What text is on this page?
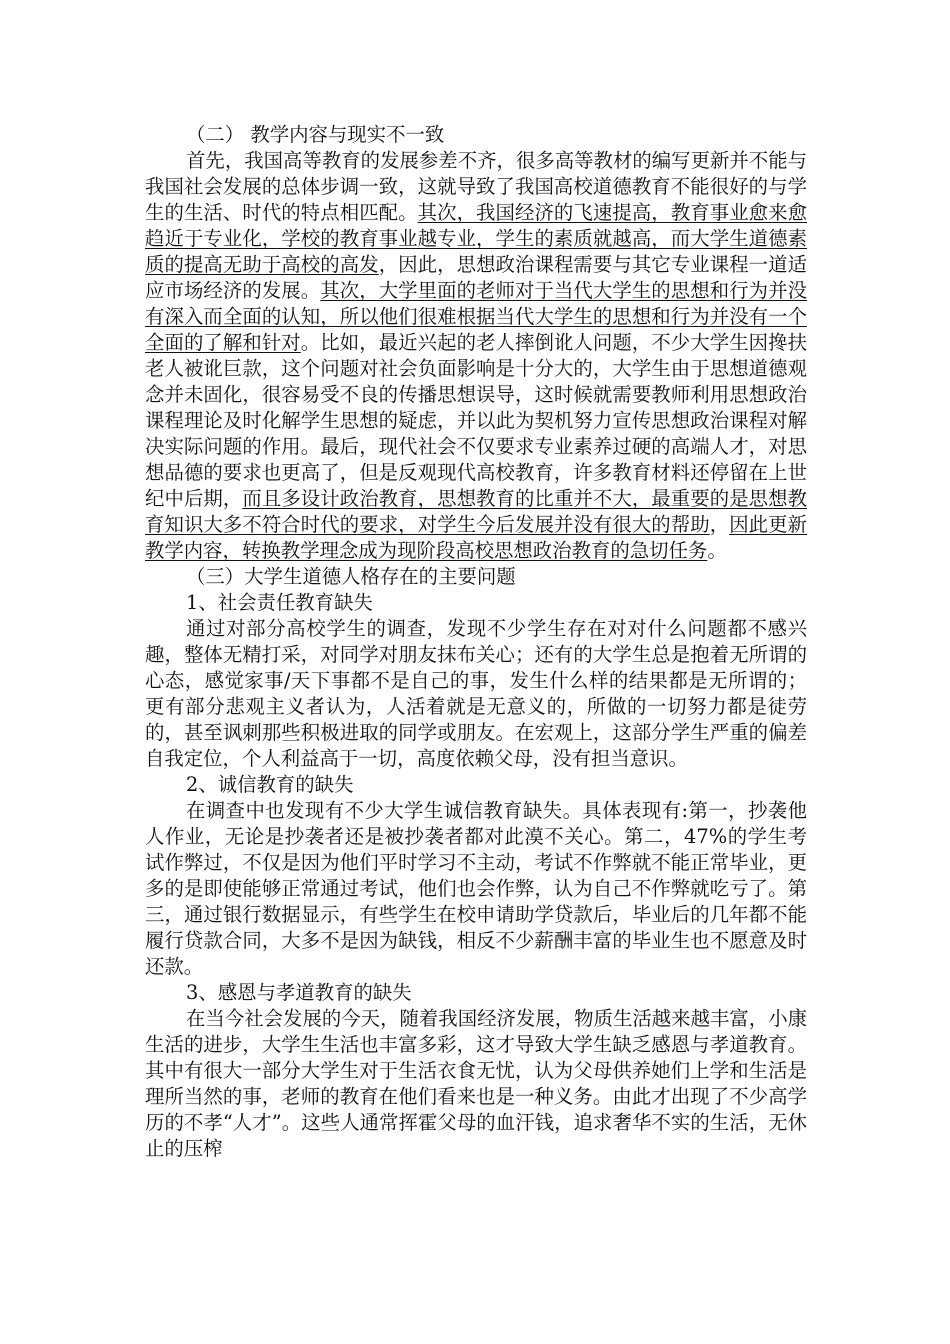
（二） 教学内容与现实不一致

首先，我国高等教育的发展参差不齐，很多高等教材的编写更新并不能与我国社会发展的总体步调一致，这就导致了我国高校道德教育不能很好的与学生的生活、时代的特点相匹配。其次，我国经济的飞速提高，教育事业愈来愈趋近于专业化，学校的教育事业越专业，学生的素质就越高，而大学生道德素质的提高无助于高校的高发，因此，思想政治课程需要与其它专业课程一道适应市场经济的发展。其次，大学里面的老师对于当代大学生的思想和行为并没有深入而全面的认知，所以他们很难根据当代大学生的思想和行为并没有一个全面的了解和针对。比如，最近兴起的老人摔倒讹人问题，不少大学生因搀扶老人被讹巨款，这个问题对社会负面影响是十分大的，大学生由于思想道德观念并未固化，很容易受不良的传播思想误导，这时候就需要教师利用思想政治课程理论及时化解学生思想的疑虑，并以此为契机努力宣传思想政治课程对解决实际问题的作用。最后，现代社会不仅要求专业素养过硬的高端人才，对思想品德的要求也更高了，但是反观现代高校教育，许多教育材料还停留在上世纪中后期，而且多设计政治教育，思想教育的比重并不大，最重要的是思想教育知识大多不符合时代的要求，对学生今后发展并没有很大的帮助，因此更新教学内容，转换教学理念成为现阶段高校思想政治教育的急切任务。

（三）大学生道德人格存在的主要问题

1、社会责任教育缺失

通过对部分高校学生的调查，发现不少学生存在对对什么问题都不感兴趣，整体无精打采，对同学对朋友抹布关心；还有的大学生总是抱着无所谓的心态，感觉家事/天下事都不是自己的事，发生什么样的结果都是无所谓的；更有部分悲观主义者认为，人活着就是无意义的，所做的一切努力都是徒劳的，甚至讽刺那些积极进取的同学或朋友。在宏观上，这部分学生严重的偏差自我定位，个人利益高于一切，高度依赖父母，没有担当意识。

2、诚信教育的缺失

在调查中也发现有不少大学生诚信教育缺失。具体表现有:第一，抄袭他人作业，无论是抄袭者还是被抄袭者都对此漠不关心。第二，47%的学生考试作弊过，不仅是因为他们平时学习不主动，考试不作弊就不能正常毕业，更多的是即使能够正常通过考试，他们也会作弊，认为自己不作弊就吃亏了。第三，通过银行数据显示，有些学生在校申请助学贷款后，毕业后的几年都不能履行贷款合同，大多不是因为缺钱，相反不少薪酬丰富的毕业生也不愿意及时还款。

3、感恩与孝道教育的缺失

在当今社会发展的今天，随着我国经济发展，物质生活越来越丰富，小康生活的进步，大学生生活也丰富多彩，这才导致大学生缺乏感恩与孝道教育。其中有很大一部分大学生对于生活衣食无忧，认为父母供养她们上学和生活是理所当然的事，老师的教育在他们看来也是一种义务。由此才出现了不少高学历的不孝“人才”。这些人通常挥霍父母的血汗钱，追求奢华不实的生活，无休止的压榨
